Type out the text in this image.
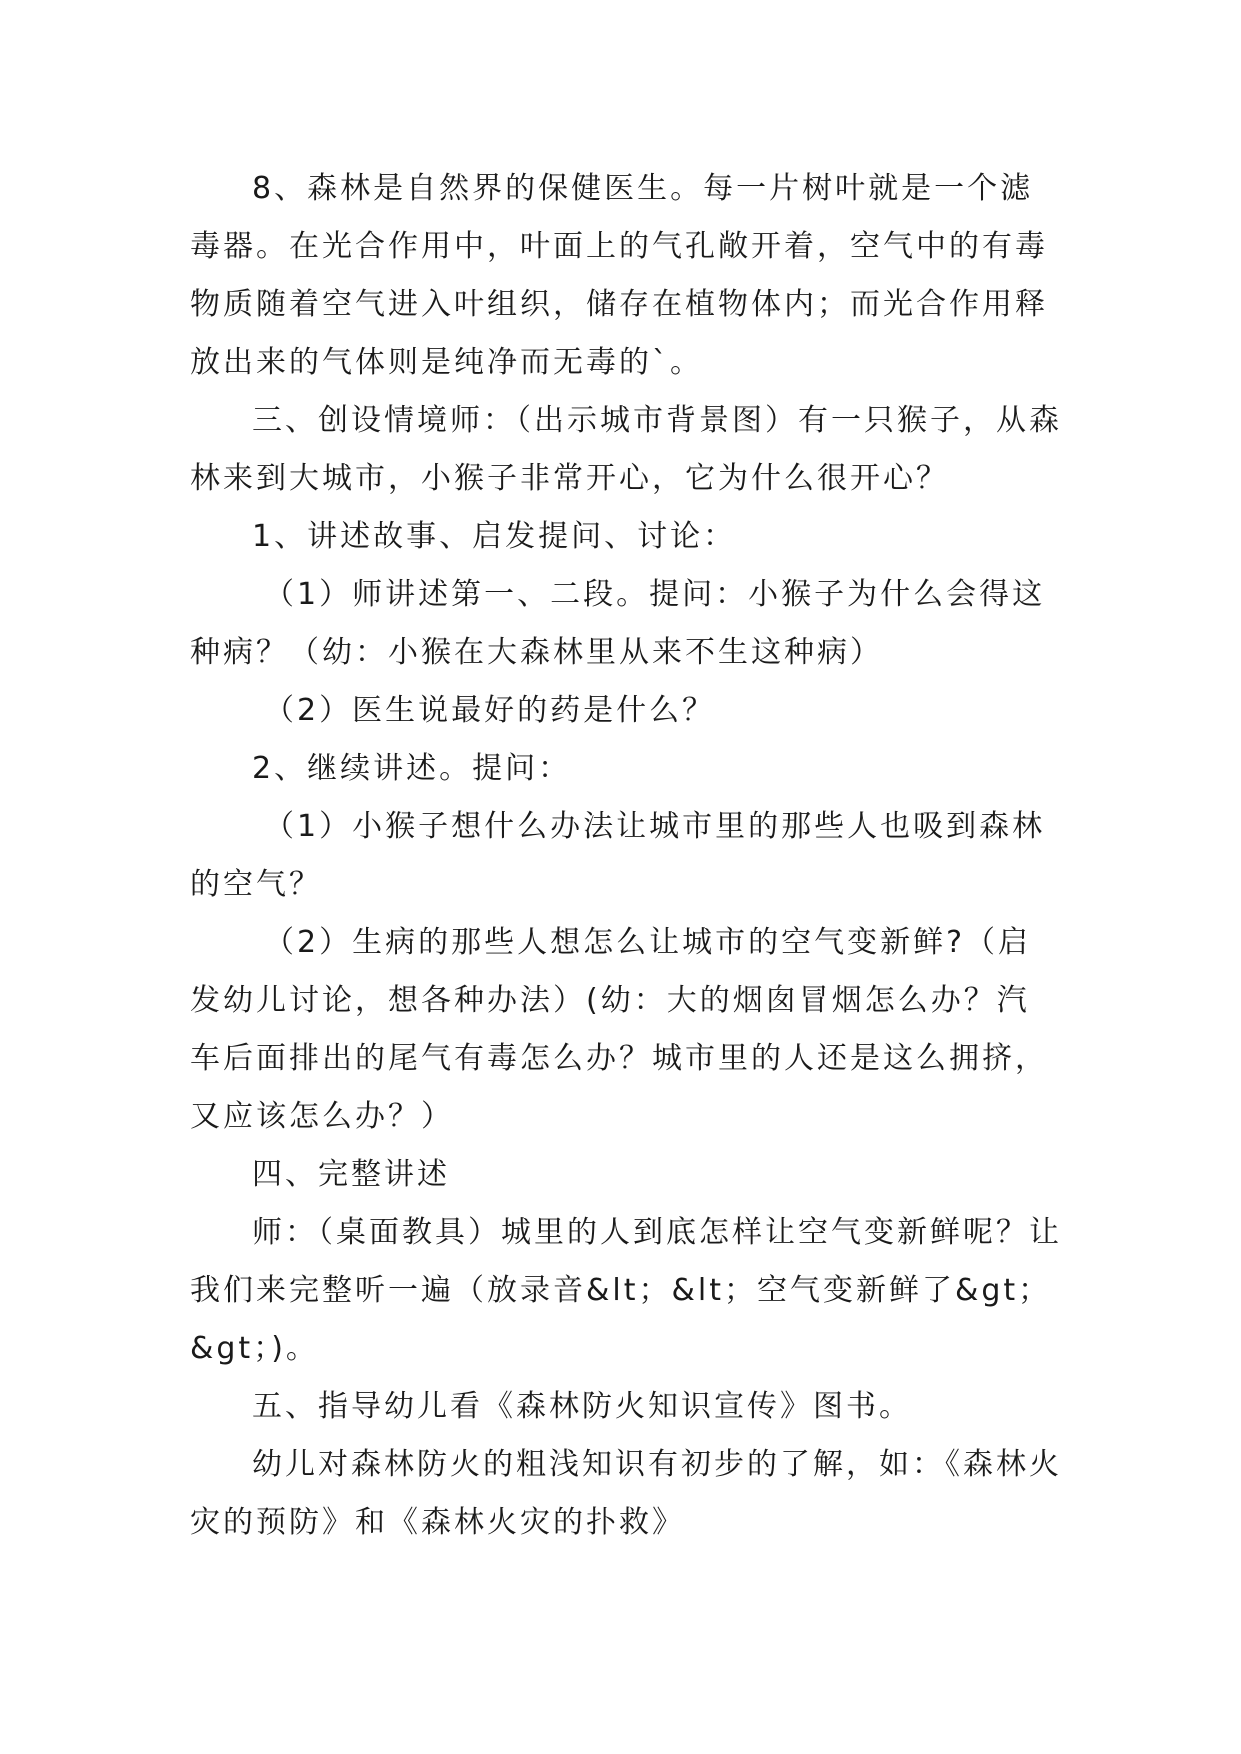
8、森林是自然界的保健医生。每一片树叶就是一个滤毒器。在光合作用中，叶面上的气孔敞开着，空气中的有毒物质随着空气进入叶组织，储存在植物体内；而光合作用释放出来的气体则是纯净而无毒的`。

三、创设情境师：（出示城市背景图）有一只猴子，从森林来到大城市，小猴子非常开心，它为什么很开心？

1、讲述故事、启发提问、讨论：

（1）师讲述第一、二段。提问：小猴子为什么会得这种病？（幼：小猴在大森林里从来不生这种病）

（2）医生说最好的药是什么？

2、继续讲述。提问：

（1）小猴子想什么办法让城市里的那些人也吸到森林的空气？

（2）生病的那些人想怎么让城市的空气变新鲜?（启发幼儿讨论，想各种办法）(幼：大的烟囱冒烟怎么办？汽车后面排出的尾气有毒怎么办？城市里的人还是这么拥挤，又应该怎么办？）

四、完整讲述

师：（桌面教具）城里的人到底怎样让空气变新鲜呢？让我们来完整听一遍（放录音&lt；&lt；空气变新鲜了&gt；&gt；)。

五、指导幼儿看《森林防火知识宣传》图书。

幼儿对森林防火的粗浅知识有初步的了解，如：《森林火灾的预防》和《森林火灾的扑救》
